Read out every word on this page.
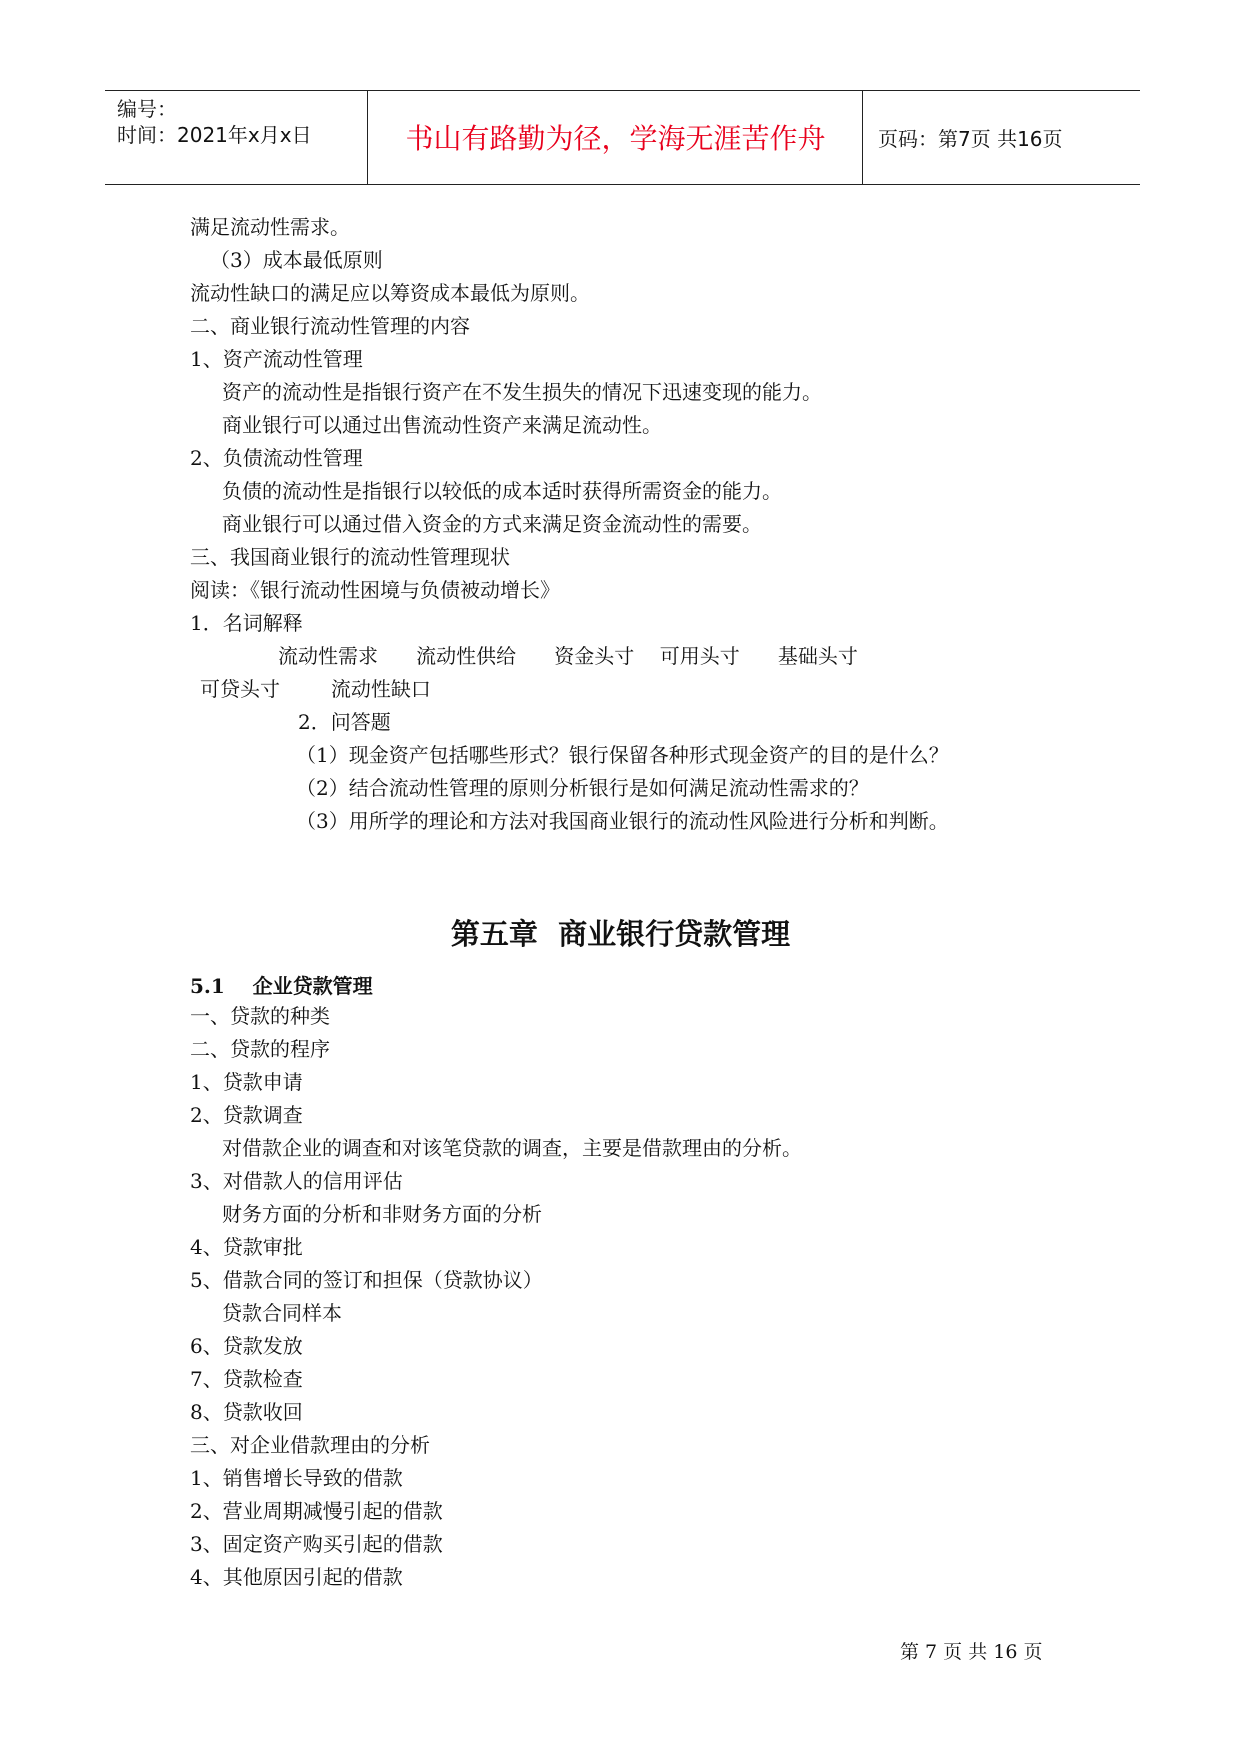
编号：
时间：2021年x月x日	书山有路勤为径，学海无涯苦作舟	页码：第7页 共16页
满足流动性需求。
（3）成本最低原则
流动性缺口的满足应以筹资成本最低为原则。
二、商业银行流动性管理的内容
1、资产流动性管理
资产的流动性是指银行资产在不发生损失的情况下迅速变现的能力。
商业银行可以通过出售流动性资产来满足流动性。
2、负债流动性管理
负债的流动性是指银行以较低的成本适时获得所需资金的能力。
商业银行可以通过借入资金的方式来满足资金流动性的需要。
三、我国商业银行的流动性管理现状
阅读：《银行流动性困境与负债被动增长》
1．名词解释
流动性需求      流动性供给      资金头寸    可用头寸      基础头寸
可贷头寸        流动性缺口
2．问答题
（1）现金资产包括哪些形式？银行保留各种形式现金资产的目的是什么？
（2）结合流动性管理的原则分析银行是如何满足流动性需求的？
（3）用所学的理论和方法对我国商业银行的流动性风险进行分析和判断。
第五章  商业银行贷款管理
5.1    企业贷款管理
一、贷款的种类
二、贷款的程序
1、贷款申请
2、贷款调查
对借款企业的调查和对该笔贷款的调查，主要是借款理由的分析。
3、对借款人的信用评估
财务方面的分析和非财务方面的分析
4、贷款审批
5、借款合同的签订和担保（贷款协议）
贷款合同样本
6、贷款发放
7、贷款检查
8、贷款收回
三、对企业借款理由的分析
1、销售增长导致的借款
2、营业周期减慢引起的借款
3、固定资产购买引起的借款
4、其他原因引起的借款
第 7 页 共 16 页
